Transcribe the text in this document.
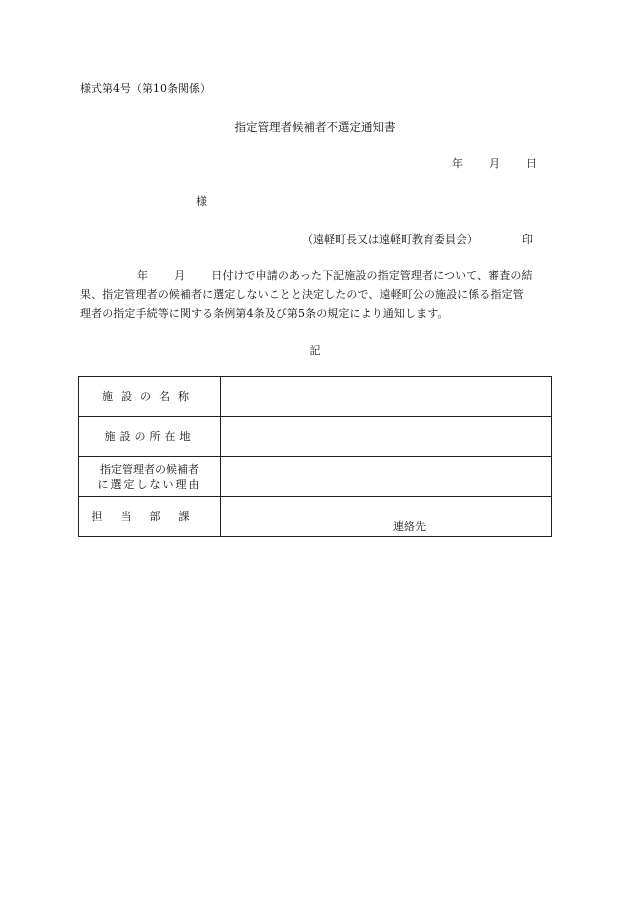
様式第4号（第10条関係）
指定管理者候補者不選定通知書
年 月 日
様
（遠軽町長又は遠軽町教育委員会）	印
年 月 日付けで申請のあった下記施設の指定管理者について、審査の結
果、指定管理者の候補者に選定しないことと決定したので、遠軽町公の施設に係る指定管
理者の指定手続等に関する条例第4条及び第5条の規定により通知します。
記
施設の名称	
施設の所在地	

指定管理者の候補者
に選定しない理由	

担当部課	連絡先
